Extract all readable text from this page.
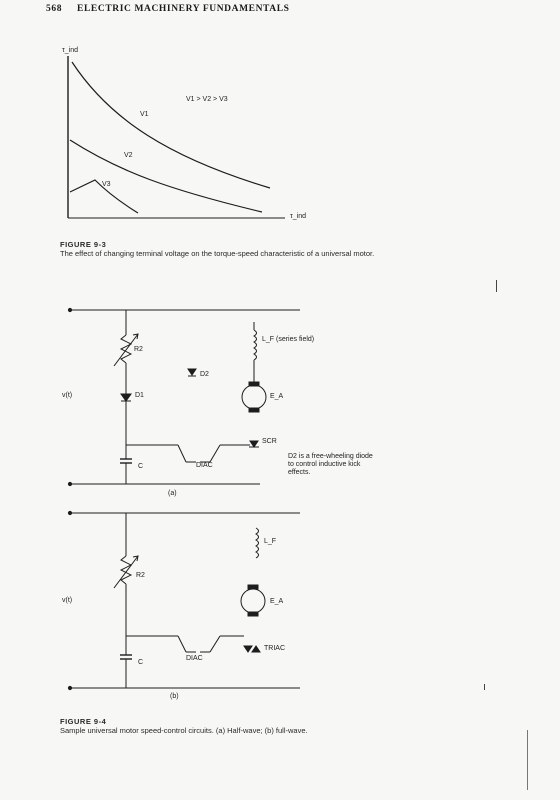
568 ELECTRIC MACHINERY FUNDAMENTALS
τ_ind
τ_ind
V1 > V2 > V3
V1
V2
V3
FIGURE 9-3
The effect of changing terminal voltage on the torque-speed characteristic of a universal motor.
R2
D1
D2
C	DIAC
SCR
L_F (series field)
E_A
v(t)
D2 is a free-wheeling diode to control inductive kick effects.
(a)
R2
C
DIAC
TRIAC
L_F
E_A
v(t)
(b)
FIGURE 9-4
Sample universal motor speed-control circuits. (a) Half-wave; (b) full-wave.
